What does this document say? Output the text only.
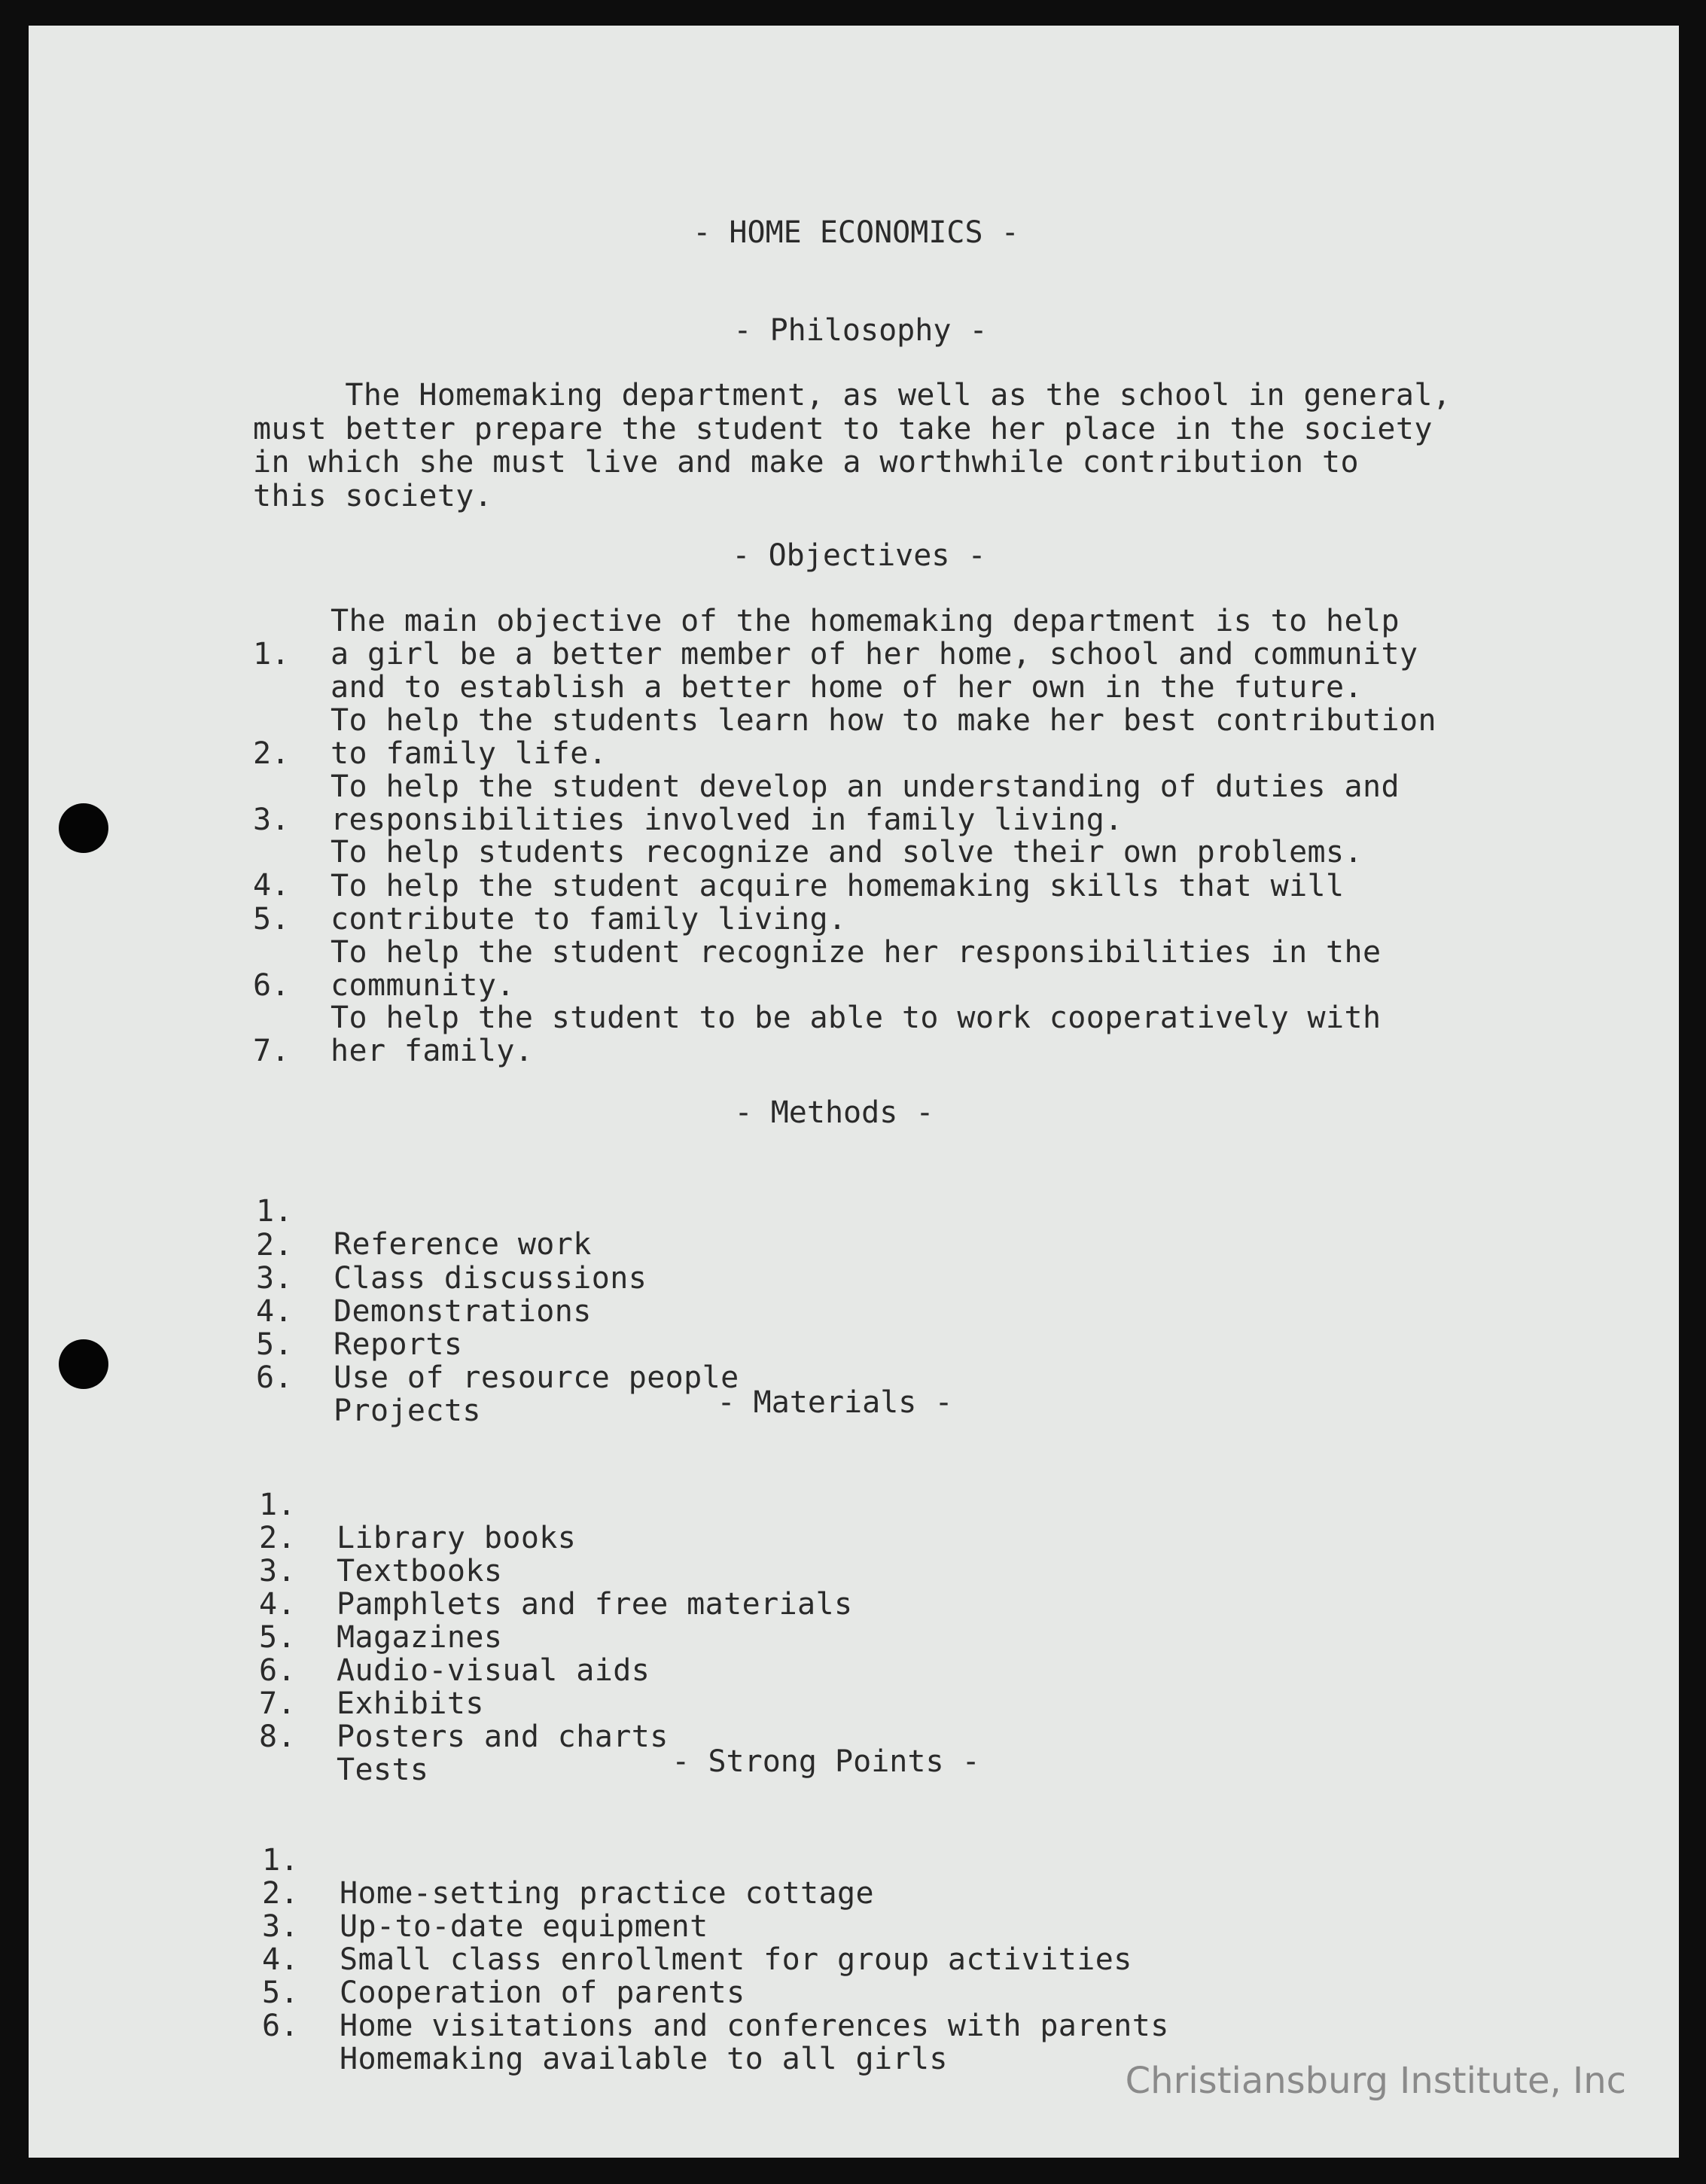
- HOME ECONOMICS -
- Philosophy -
The Homemaking department, as well as the school in general,
must better prepare the student to take her place in the society
in which she must live and make a worthwhile contribution to
this society.
- Objectives -

1.

The main objective of the homemaking department is to help

a girl be a better member of her home, school and community

and to establish a better home of her own in the future.

2.

To help the students learn how to make her best contribution

to family life.

3.

To help the student develop an understanding of duties and

responsibilities involved in family living.

4.

To help students recognize and solve their own problems.

5.

To help the student acquire homemaking skills that will

contribute to family living.

6.

To help the student recognize her responsibilities in the

community.

7.

To help the student to be able to work cooperatively with

her family.

- Methods -

1.

Reference work

2.

Class discussions

3.

Demonstrations

4.

Reports

5.

Use of resource people

6.

Projects

	- Materials -

1.

Library books

2.

Textbooks

3.

Pamphlets and free materials

4.

Magazines

5.

Audio-visual aids

6.

Exhibits

7.

Posters and charts

8.

Tests

	- Strong Points -

1.

Home-setting practice cottage

2.

Up-to-date equipment

3.

Small class enrollment for group activities

4.

Cooperation of parents

5.

Home visitations and conferences with parents

6.

Homemaking available to all girls

Christiansburg Institute, Inc
